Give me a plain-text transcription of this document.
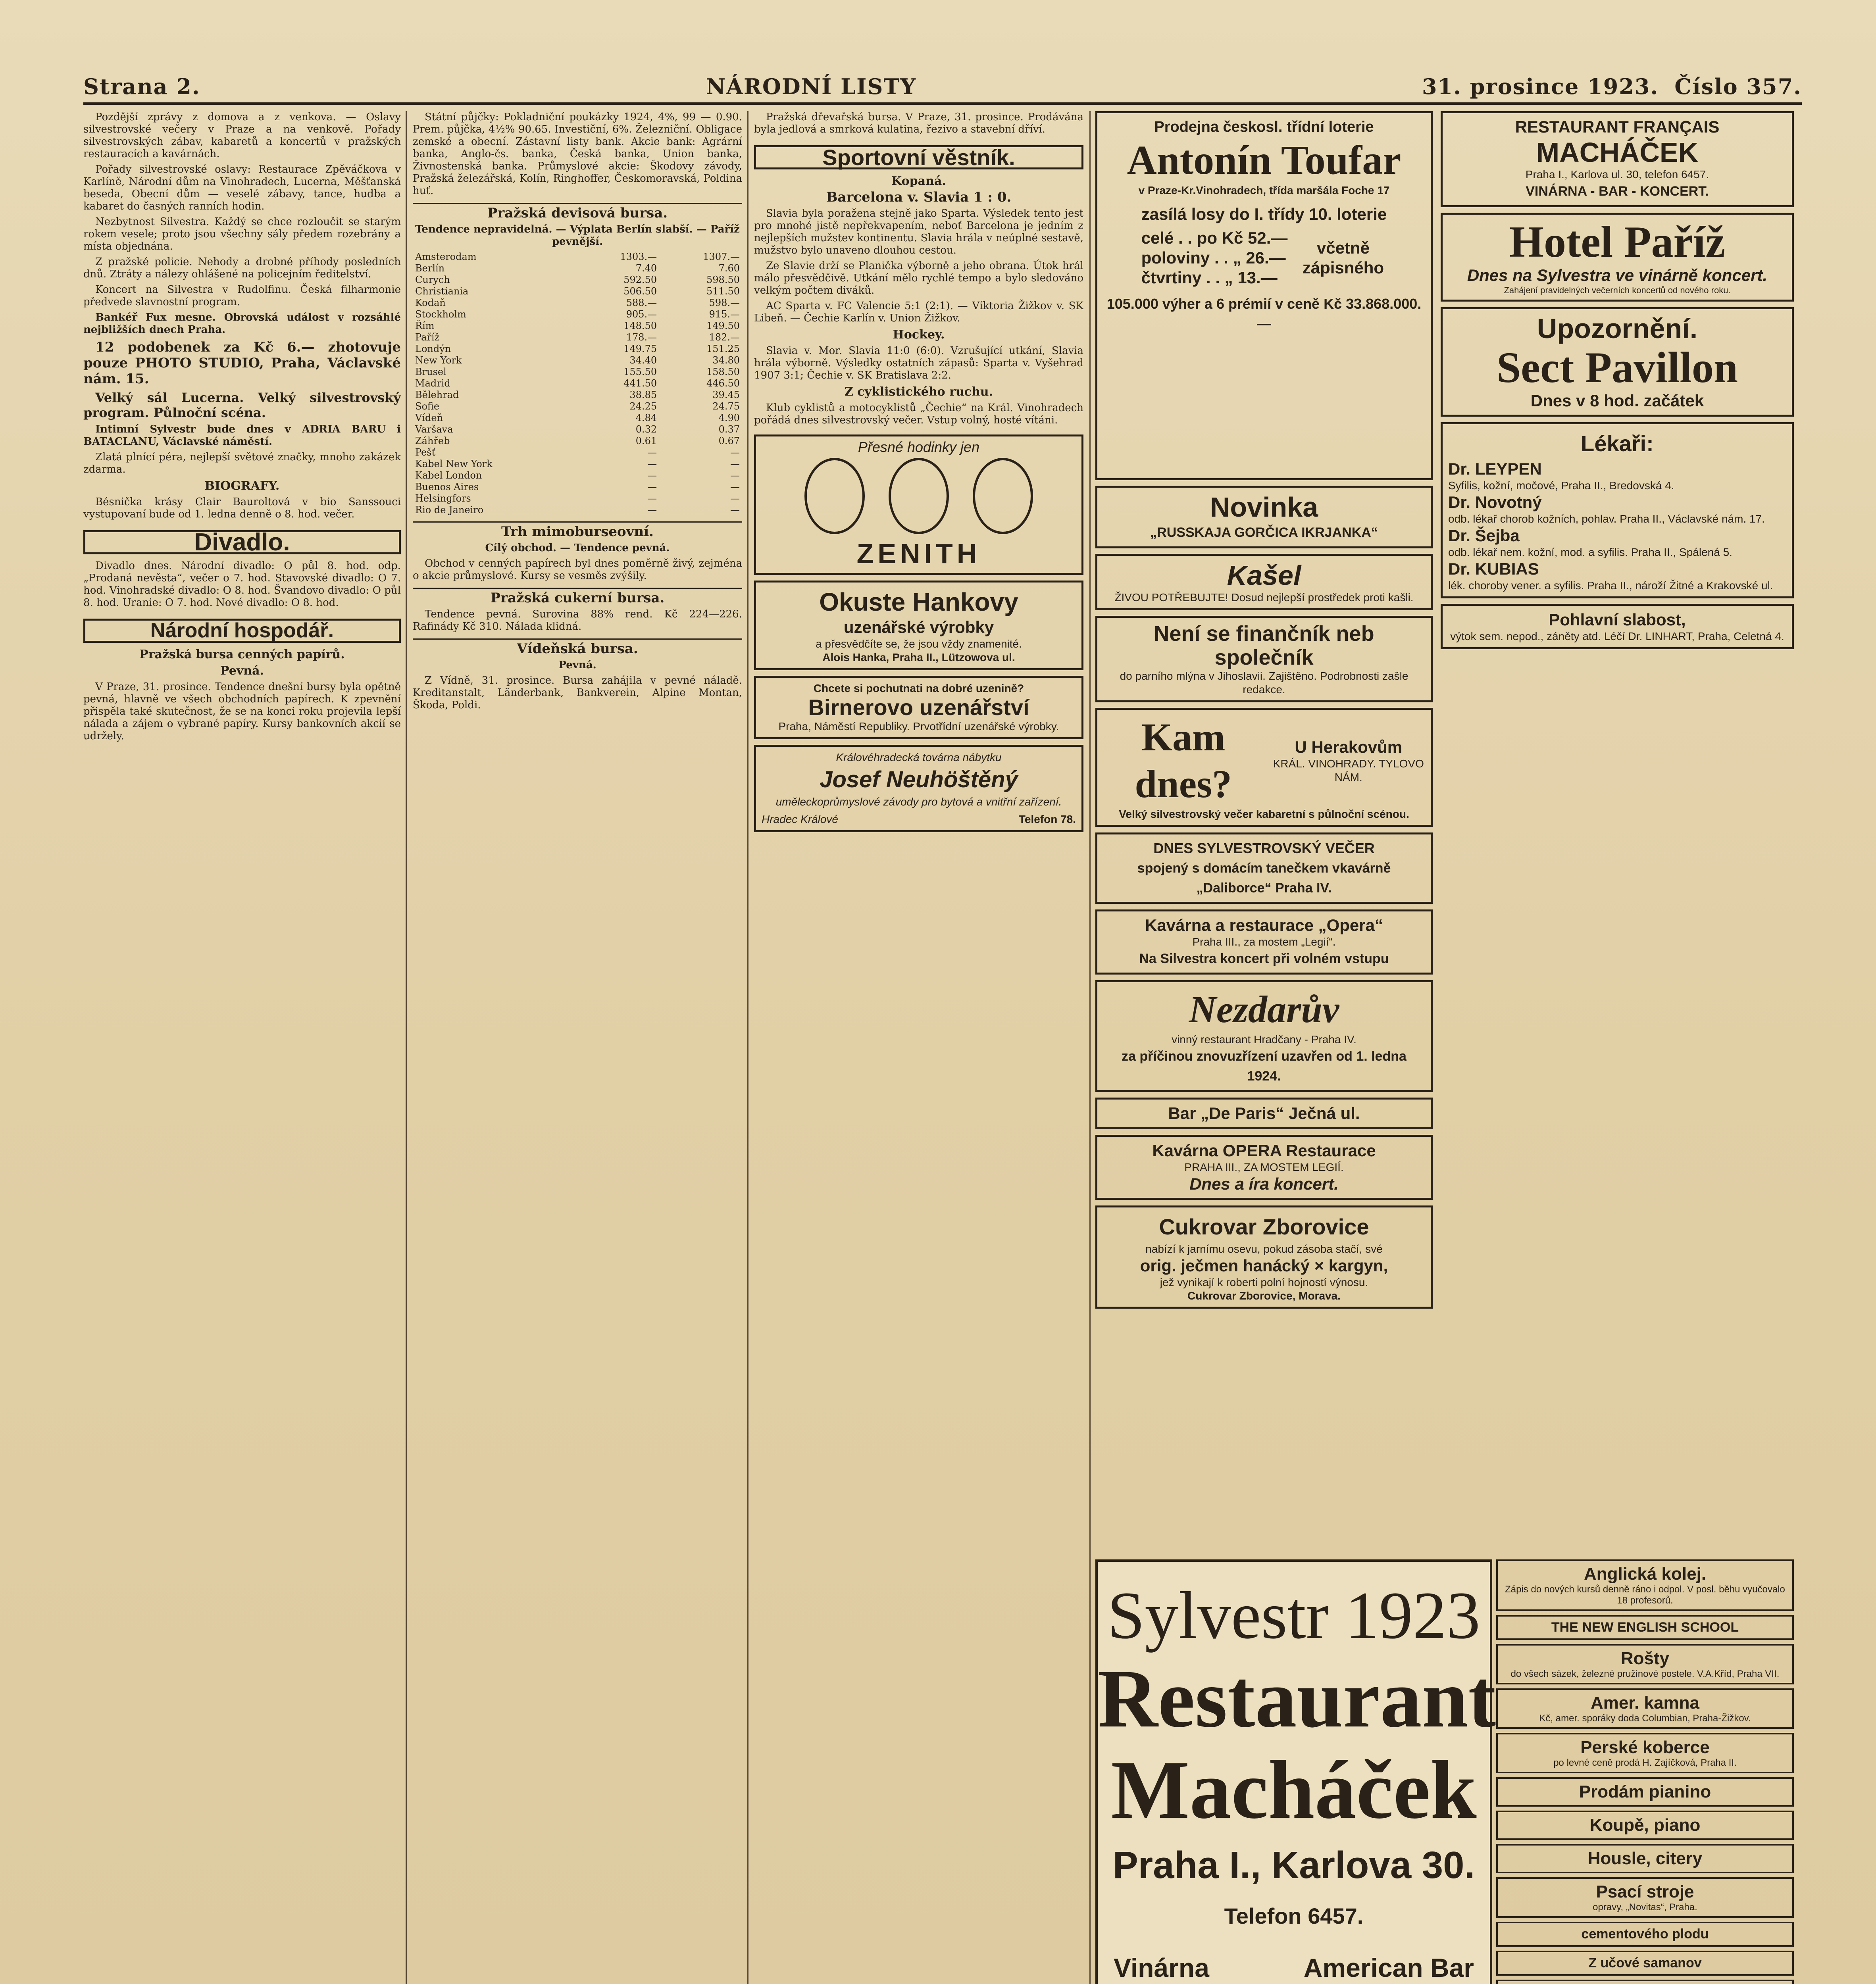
Strana 2.	NÁRODNÍ LISTY	31. prosince 1923. Číslo 357.

Pozdější zprávy z domova a z venkova. — Oslavy silvestrovské večery v Praze a na venkově. Pořady silvestrovských zábav, kabaretů a koncertů v pražských restauracích a kavárnách.

Pořady silvestrovské oslavy: Restaurace Zpěváčkova v Karlíně, Národní dům na Vinohradech, Lucerna, Měšťanská beseda, Obecní dům — veselé zábavy, tance, hudba a kabaret do časných ranních hodin.

Nezbytnost Silvestra. Každý se chce rozloučit se starým rokem vesele; proto jsou všechny sály předem rozebrány a místa objednána.

Z pražské policie. Nehody a drobné příhody posledních dnů. Ztráty a nálezy ohlášené na policejním ředitelství.

Koncert na Silvestra v Rudolfinu. Česká filharmonie předvede slavnostní program.

Bankéř Fux mesne. Obrovská událost v rozsáhlé nejbližších dnech Praha.

12 podobenek za Kč 6.— zhotovuje pouze PHOTO STUDIO, Praha, Václavské nám. 15.

Velký sál Lucerna. Velký silvestrovský program. Půlnoční scéna.

Intimní Sylvestr bude dnes v ADRIA BARU i BATACLANU, Václavské náměstí.

Zlatá plnící péra, nejlepší světové značky, mnoho zakázek zdarma.

BIOGRAFY.

Bésnička krásy Clair Bauroltová v bio Sanssouci vystupovaní bude od 1. ledna denně o 8. hod. večer.

Divadlo.

Divadlo dnes. Národní divadlo: O půl 8. hod. odp. „Prodaná nevěsta“, večer o 7. hod. Stavovské divadlo: O 7. hod. Vinohradské divadlo: O 8. hod. Švandovo divadlo: O půl 8. hod. Uranie: O 7. hod. Nové divadlo: O 8. hod.

Národní hospodář.
Pražská bursa cenných papírů.
Pevná.

V Praze, 31. prosince. Tendence dnešní bursy byla opětně pevná, hlavně ve všech obchodních papírech. K zpevnění přispěla také skutečnost, že se na konci roku projevila lepší nálada a zájem o vybrané papíry. Kursy bankovních akcií se udržely.

Státní půjčky: Pokladniční poukázky 1924, 4%, 99 — 0.90. Prem. půjčka, 4½% 90.65. Investiční, 6%. Železniční. Obligace zemské a obecní. Zástavní listy bank. Akcie bank: Agrární banka, Anglo-čs. banka, Česká banka, Union banka, Živnostenská banka. Průmyslové akcie: Škodovy závody, Pražská železářská, Kolín, Ringhoffer, Českomoravská, Poldina huť.

Pražská devisová bursa.

Tendence nepravidelná. — Výplata Berlín slabší. — Paříž pevnější.

Amsterodam	1303.—	1307.—
Berlín	7.40	7.60
Curych	592.50	598.50
Christiania	506.50	511.50
Kodaň	588.—	598.—
Stockholm	905.—	915.—
Řím	148.50	149.50
Paříž	178.—	182.—
Londýn	149.75	151.25
New York	34.40	34.80
Brusel	155.50	158.50
Madrid	441.50	446.50
Bělehrad	38.85	39.45
Sofie	24.25	24.75
Vídeň	4.84	4.90
Varšava	0.32	0.37
Záhřeb	0.61	0.67
Pešť	—	—
Kabel New York	—	—
Kabel London	—	—
Buenos Aires	—	—
Helsingfors	—	—
Rio de Janeiro	—	—
Trh mimoburseovní.

Cílý obchod. — Tendence pevná.

Obchod v cenných papírech byl dnes poměrně živý, zejména o akcie průmyslové. Kursy se vesměs zvýšily.

Pražská cukerní bursa.

Tendence pevná. Surovina 88% rend. Kč 224—226. Rafinády Kč 310. Nálada klidná.

Vídeňská bursa.

Pevná.

Z Vídně, 31. prosince. Bursa zahájila v pevné náladě. Kreditanstalt, Länderbank, Bankverein, Alpine Montan, Škoda, Poldi.

Pražská dřevařská bursa. V Praze, 31. prosince. Prodávána byla jedlová a smrková kulatina, řezivo a stavební dříví.

Sportovní věstník.
Kopaná.
Barcelona v. Slavia 1 : 0.

Slavia byla poražena stejně jako Sparta. Výsledek tento jest pro mnohé jistě nepřekvapením, neboť Barcelona je jedním z nejlepších mužstev kontinentu. Slavia hrála v neúplné sestavě, mužstvo bylo unaveno dlouhou cestou.

Ze Slavie drží se Planička výborně a jeho obrana. Útok hrál málo přesvědčivě. Utkání mělo rychlé tempo a bylo sledováno velkým počtem diváků.

AC Sparta v. FC Valencie 5:1 (2:1). — Víktoria Žižkov v. SK Libeň. — Čechie Karlín v. Union Žižkov.

Hockey.

Slavia v. Mor. Slavia 11:0 (6:0). Vzrušující utkání, Slavia hrála výborně. Výsledky ostatních zápasů: Sparta v. Vyšehrad 1907 3:1; Čechie v. SK Bratislava 2:2.

Z cyklistického ruchu.

Klub cyklistů a motocyklistů „Čechie“ na Král. Vinohradech pořádá dnes silvestrovský večer. Vstup volný, hosté vítáni.

Přesné hodinky jen
ZENITH
Okuste Hankovy
uzenářské výrobky
a přesvědčíte se, že jsou vždy znamenité.
Alois Hanka, Praha II., Lützowova ul.
Chcete si pochutnati na dobré uzenině?
Birnerovo uzenářství
Praha, Náměstí Republiky. Prvotřídní uzenářské výrobky.
Královéhradecká továrna nábytku
Josef Neuhöštěný
uměleckoprůmyslové závody pro bytová a vnitřní zařízení.
Hradec Králové	Telefon 78.
Prodejna českosl. třídní loterie
Antonín Toufar
v Praze-Kr.Vinohradech, třída maršála Foche 17
zasílá losy do I. třídy 10. loterie
celé . . po Kč 52.—
poloviny . . „ 26.—
čtvrtiny . . „ 13.—
včetně zápisného
105.000 výher a 6 prémií v ceně Kč 33.868.000.—
Novinka
„RUSSKAJA GORČICA IKRJANKA“
Kašel
ŽIVOU POTŘEBUJTE! Dosud nejlepší prostředek proti kašli.
Není se finančník neb společník
do parního mlýna v Jihoslavii. Zajištěno. Podrobnosti zašle redakce.
Kam dnes?
U Herakovům
KRÁL. VINOHRADY. TYLOVO NÁM.
Velký silvestrovský večer kabaretní s půlnoční scénou.
DNES SYLVESTROVSKÝ VEČER
spojený s domácím tanečkem vkavárně „Daliborce“ Praha IV.
Kavárna a restaurace „Opera“
Praha III., za mostem „Legií“.
Na Silvestra koncert při volném vstupu
Nezdarův
vinný restaurant Hradčany - Praha IV.
za příčinou znovuzřízení uzavřen od 1. ledna 1924.
Bar „De Paris“ Ječná ul.
Kavárna OPERA Restaurace
PRAHA III., ZA MOSTEM LEGIÍ.
Dnes a íra koncert.
Cukrovar Zborovice
nabízí k jarnímu osevu, pokud zásoba stačí, své
orig. ječmen hanácký × kargyn,
jež vynikají k roberti polní hojností výnosu.
Cukrovar Zborovice, Morava.
RESTAURANT FRANÇAIS
MACHÁČEK
Praha I., Karlova ul. 30, telefon 6457.
VINÁRNA - BAR - KONCERT.
Hotel Paříž
Dnes na Sylvestra ve vinárně koncert.
Zahájení pravidelných večerních koncertů od nového roku.
Upozornění.
Sect Pavillon
Dnes v 8 hod. začátek
Lékaři:
Dr. LEYPEN
Syfilis, kožní, močové, Praha II., Bredovská 4.
Dr. Novotný
odb. lékař chorob kožních, pohlav. Praha II., Václavské nám. 17.
Dr. Šejba
odb. lékař nem. kožní, mod. a syfilis. Praha II., Spálená 5.
Dr. KUBIAS
lék. choroby vener. a syfilis. Praha II., nároží Žitné a Krakovské ul.
Pohlavní slabost,
výtok sem. nepod., záněty atd. Léčí Dr. LINHART, Praha, Celetná 4.
Sylvestr 1923
Restaurant
Macháček
Praha I., Karlova 30.
Telefon 6457.
Vinárna	American Bar
Anglická kolej.
Zápis do nových kursů denně ráno i odpol. V posl. běhu vyučovalo 18 profesorů.
THE NEW ENGLISH SCHOOL
Rošty
do všech sázek, železné pružinové postele. V.A.Kříd, Praha VII.
Amer. kamna
Kč, amer. sporáky doda Columbian, Praha-Žižkov.
Perské koberce
po levné ceně prodá H. Zajíčková, Praha II.
Prodám pianino
Koupě, piano
Housle, citery
Psací stroje
opravy, „Novitas“, Praha.
cementového plodu
Z učové samanov
